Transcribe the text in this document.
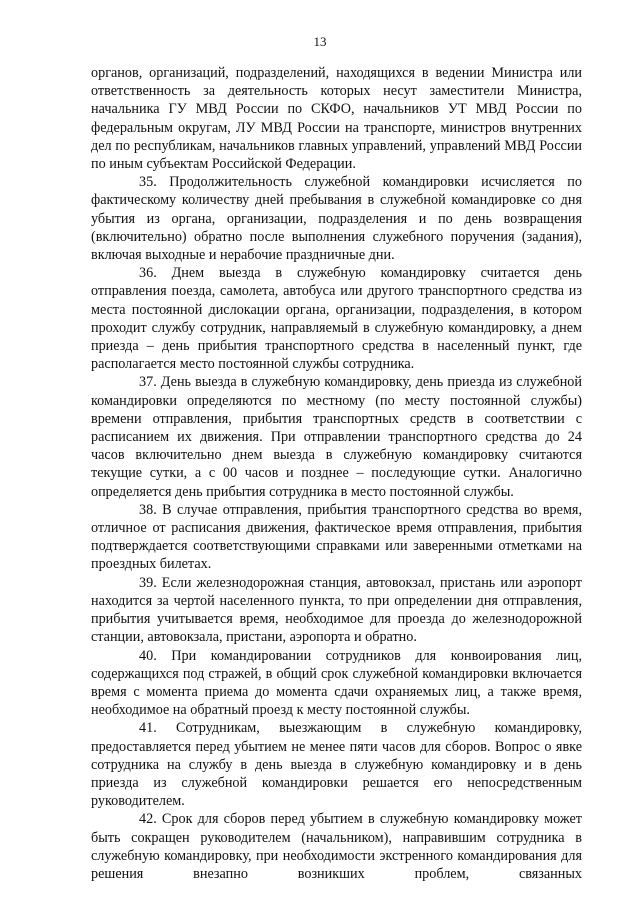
13

органов, организаций, подразделений, находящихся в ведении Министра или ответственность за деятельность которых несут заместители Министра, начальника ГУ МВД России по СКФО, начальников УТ МВД России по федеральным округам, ЛУ МВД России на транспорте, министров внутренних дел по республикам, начальников главных управлений, управлений МВД России по иным субъектам Российской Федерации.

35. Продолжительность служебной командировки исчисляется по фактическому количеству дней пребывания в служебной командировке со дня убытия из органа, организации, подразделения и по день возвращения (включительно) обратно после выполнения служебного поручения (задания), включая выходные и нерабочие праздничные дни.

36. Днем выезда в служебную командировку считается день отправления поезда, самолета, автобуса или другого транспортного средства из места постоянной дислокации органа, организации, подразделения, в котором проходит службу сотрудник, направляемый в служебную командировку, а днем приезда – день прибытия транспортного средства в населенный пункт, где располагается место постоянной службы сотрудника.

37. День выезда в служебную командировку, день приезда из служебной командировки определяются по местному (по месту постоянной службы) времени отправления, прибытия транспортных средств в соответствии с расписанием их движения. При отправлении транспортного средства до 24 часов включительно днем выезда в служебную командировку считаются текущие сутки, а с 00 часов и позднее – последующие сутки. Аналогично определяется день прибытия сотрудника в место постоянной службы.

38. В случае отправления, прибытия транспортного средства во время, отличное от расписания движения, фактическое время отправления, прибытия подтверждается соответствующими справками или заверенными отметками на проездных билетах.

39. Если железнодорожная станция, автовокзал, пристань или аэропорт находится за чертой населенного пункта, то при определении дня отправления, прибытия учитывается время, необходимое для проезда до железнодорожной станции, автовокзала, пристани, аэропорта и обратно.

40. При командировании сотрудников для конвоирования лиц, содержащихся под стражей, в общий срок служебной командировки включается время с момента приема до момента сдачи охраняемых лиц, а также время, необходимое на обратный проезд к месту постоянной службы.

41. Сотрудникам, выезжающим в служебную командировку, предоставляется перед убытием не менее пяти часов для сборов. Вопрос о явке сотрудника на службу в день выезда в служебную командировку и в день приезда из служебной командировки решается его непосредственным руководителем.

42. Срок для сборов перед убытием в служебную командировку может быть сокращен руководителем (начальником), направившим сотрудника в служебную командировку, при необходимости экстренного командирования для решения внезапно возникших проблем, связанных
